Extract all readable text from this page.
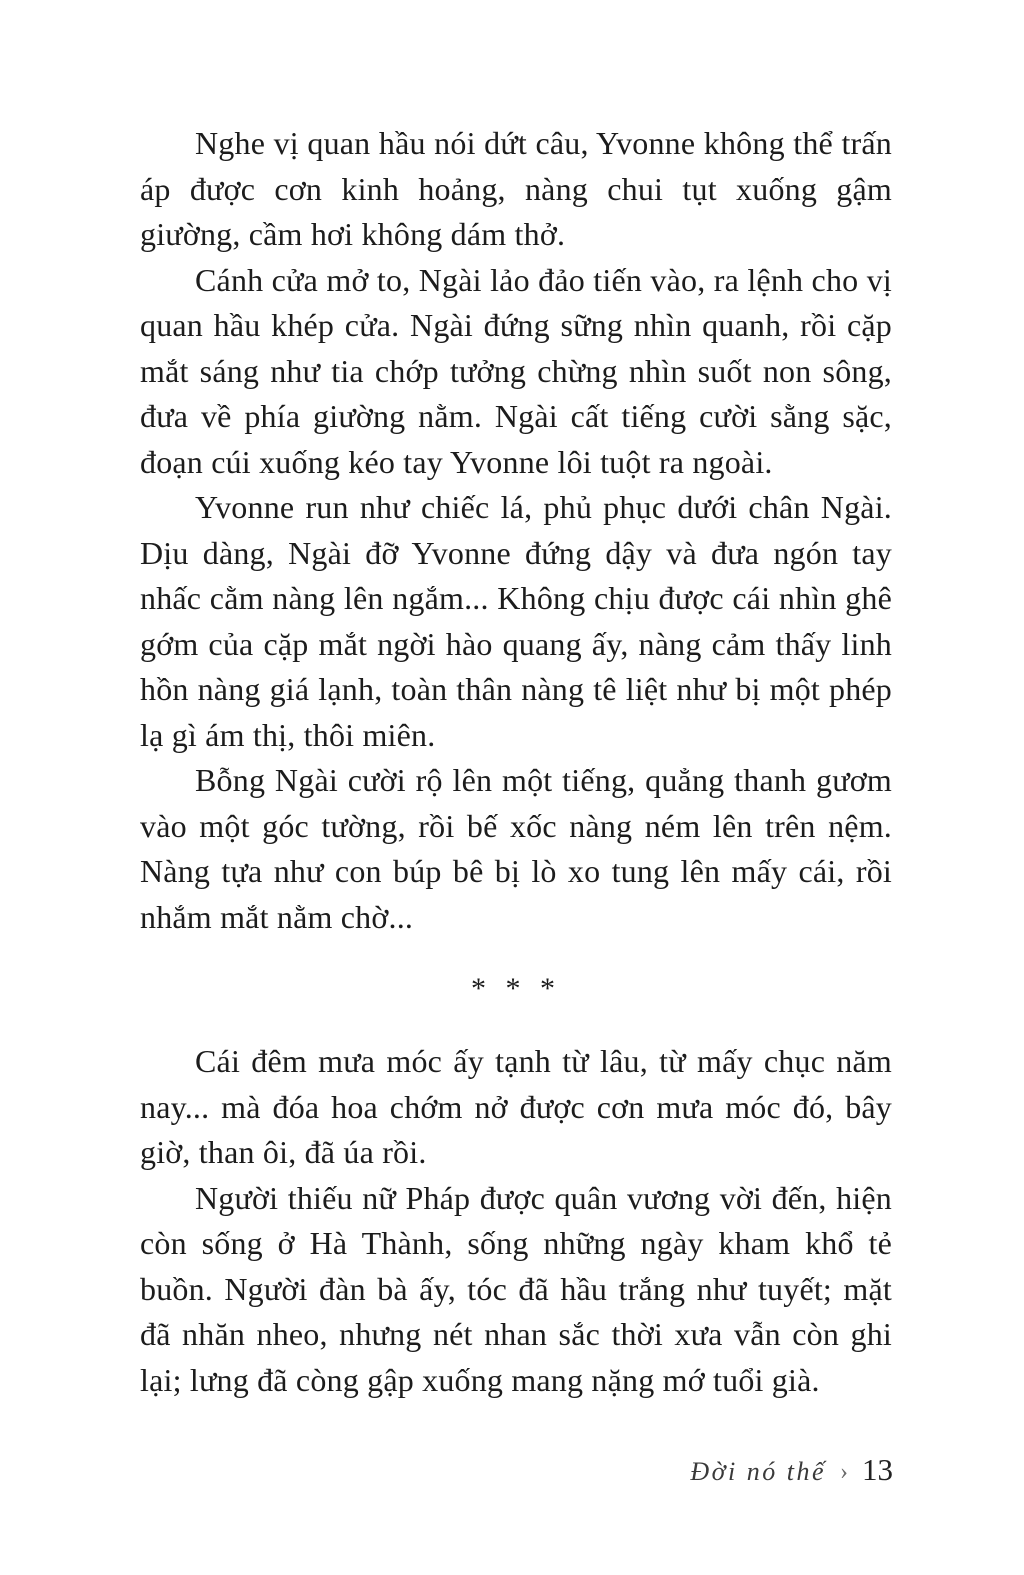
Nghe vị quan hầu nói dứt câu, Yvonne không thể trấn áp được cơn kinh hoảng, nàng chui tụt xuống gậm giường, cầm hơi không dám thở.

Cánh cửa mở to, Ngài lảo đảo tiến vào, ra lệnh cho vị quan hầu khép cửa. Ngài đứng sững nhìn quanh, rồi cặp mắt sáng như tia chớp tưởng chừng nhìn suốt non sông, đưa về phía giường nằm. Ngài cất tiếng cười sằng sặc, đoạn cúi xuống kéo tay Yvonne lôi tuột ra ngoài.

Yvonne run như chiếc lá, phủ phục dưới chân Ngài. Dịu dàng, Ngài đỡ Yvonne đứng dậy và đưa ngón tay nhấc cằm nàng lên ngắm... Không chịu được cái nhìn ghê gớm của cặp mắt ngời hào quang ấy, nàng cảm thấy linh hồn nàng giá lạnh, toàn thân nàng tê liệt như bị một phép lạ gì ám thị, thôi miên.

Bỗng Ngài cười rộ lên một tiếng, quẳng thanh gươm vào một góc tường, rồi bế xốc nàng ném lên trên nệm. Nàng tựa như con búp bê bị lò xo tung lên mấy cái, rồi nhắm mắt nằm chờ...

* * *

Cái đêm mưa móc ấy tạnh từ lâu, từ mấy chục năm nay... mà đóa hoa chớm nở được cơn mưa móc đó, bây giờ, than ôi, đã úa rồi.

Người thiếu nữ Pháp được quân vương vời đến, hiện còn sống ở Hà Thành, sống những ngày kham khổ tẻ buồn. Người đàn bà ấy, tóc đã hầu trắng như tuyết; mặt đã nhăn nheo, nhưng nét nhan sắc thời xưa vẫn còn ghi lại; lưng đã còng gập xuống mang nặng mớ tuổi già.

Đời nó thế › 13
